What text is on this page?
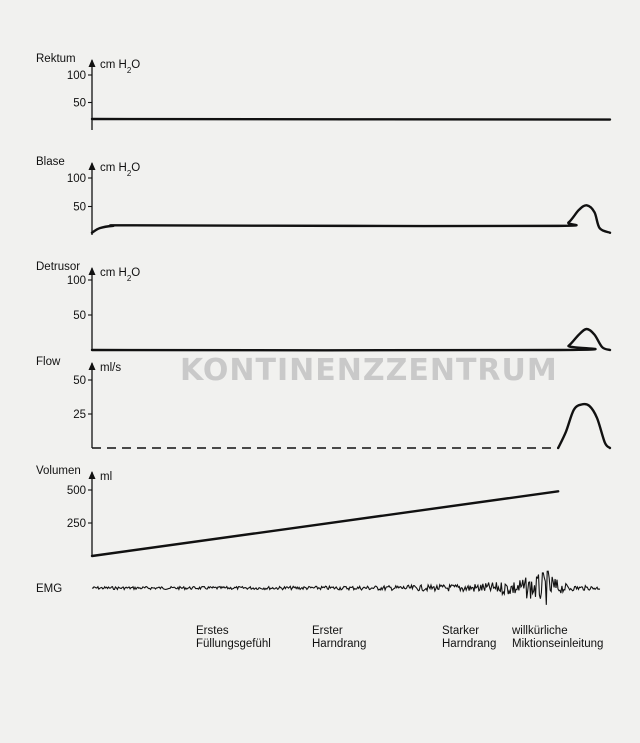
KONTINENZZENTRUM
Rektum cm $H_2O$
100
50
Blase	cm $H_2O$
100
50
Detrusor cm $H_2O$
100
50
Flow	ml/s
50
25
Volumen ml
500
250
EMG
Erstes Füllungsgefühl
Erster Harndrang
Starker Harndrang
willkürliche Miktionseinleitung
